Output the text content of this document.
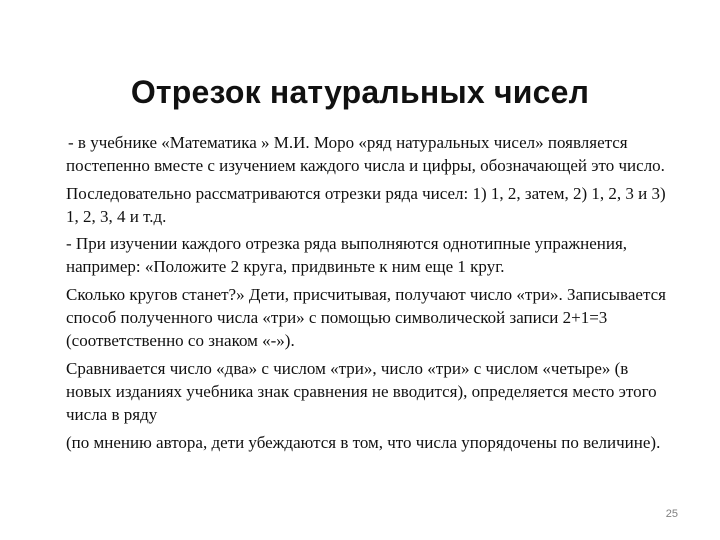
Отрезок натуральных чисел

- в учебнике «Математика » М.И. Моро «ряд натуральных чисел» появляется постепенно вместе с изучением каждого числа и цифры, обозначающей это число.

Последовательно рассматриваются отрезки ряда чисел: 1) 1, 2, затем, 2) 1, 2, 3 и 3) 1, 2, 3, 4 и т.д.

- При изучении каждого отрезка ряда выполняются однотипные упражнения, например: «Положите 2 круга, придвиньте к ним еще 1 круг.

Сколько кругов станет?» Дети, присчитывая, получают число «три». Записывается способ полученного числа «три» с помощью символической записи 2+1=3 (соответственно со знаком «-»).

Сравнивается число «два» с числом «три», число «три» с числом «четыре» (в новых изданиях учебника знак сравнения не вводится), определяется место этого числа в ряду

(по мнению автора, дети убеждаются в том, что числа упорядочены по величине).

25
